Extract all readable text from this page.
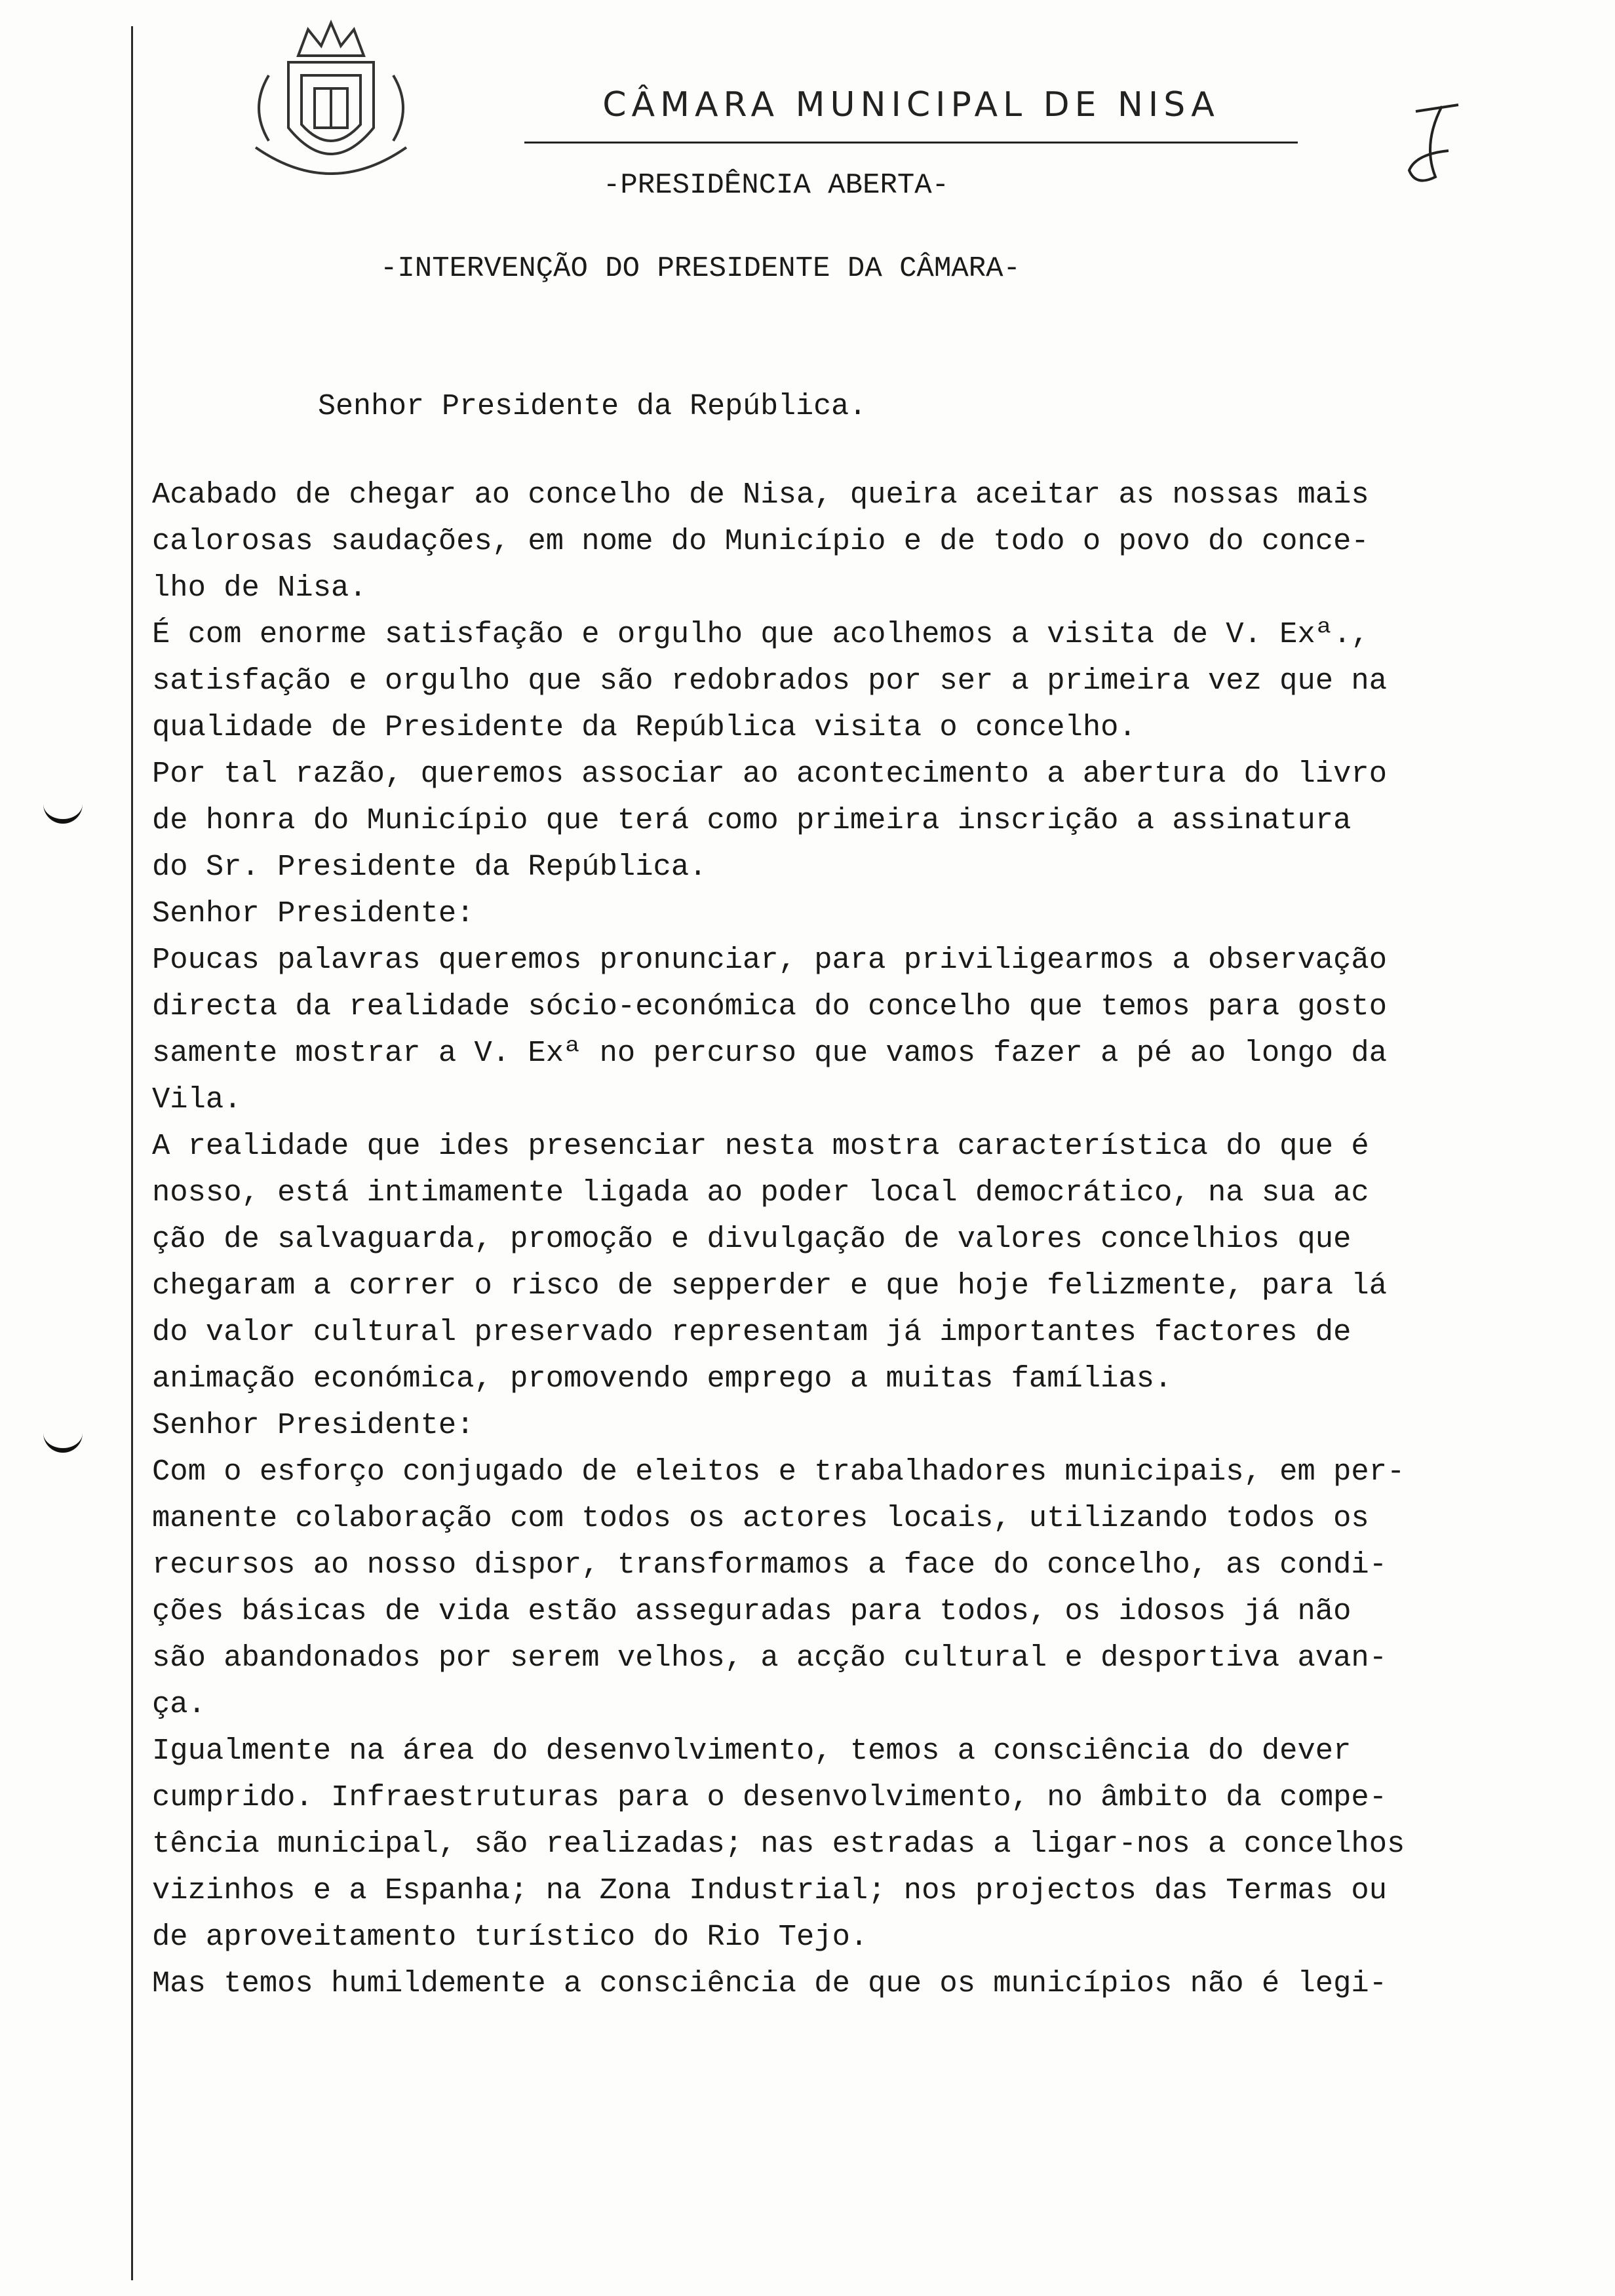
CÂMARA MUNICIPAL DE NISA
-PRESIDÊNCIA ABERTA-
-INTERVENÇÃO DO PRESIDENTE DA CÂMARA-
Senhor Presidente da República.
Acabado de chegar ao concelho de Nisa, queira aceitar as nossas mais
calorosas saudações, em nome do Município e de todo o povo do conce-
lho de Nisa.
É com enorme satisfação e orgulho que acolhemos a visita de V. Exª.,
satisfação e orgulho que são redobrados por ser a primeira vez que na
qualidade de Presidente da República visita o concelho.
Por tal razão, queremos associar ao acontecimento a abertura do livro
de honra do Município que terá como primeira inscrição a assinatura
do Sr. Presidente da República.
Senhor Presidente:
Poucas palavras queremos pronunciar, para priviligearmos a observação
directa da realidade sócio-económica do concelho que temos para gosto
samente mostrar a V. Exª no percurso que vamos fazer a pé ao longo da
Vila.
A realidade que ides presenciar nesta mostra característica do que é
nosso, está intimamente ligada ao poder local democrático, na sua ac
ção de salvaguarda, promoção e divulgação de valores concelhios que
chegaram a correr o risco de sepperder e que hoje felizmente, para lá
do valor cultural preservado representam já importantes factores de
animação económica, promovendo emprego a muitas famílias.
Senhor Presidente:
Com o esforço conjugado de eleitos e trabalhadores municipais, em per-
manente colaboração com todos os actores locais, utilizando todos os
recursos ao nosso dispor, transformamos a face do concelho, as condi-
ções básicas de vida estão asseguradas para todos, os idosos já não
são abandonados por serem velhos, a acção cultural e desportiva avan-
ça.
Igualmente na área do desenvolvimento, temos a consciência do dever
cumprido. Infraestruturas para o desenvolvimento, no âmbito da compe-
tência municipal, são realizadas; nas estradas a ligar-nos a concelhos
vizinhos e a Espanha; na Zona Industrial; nos projectos das Termas ou
de aproveitamento turístico do Rio Tejo.
Mas temos humildemente a consciência de que os municípios não é legi-
